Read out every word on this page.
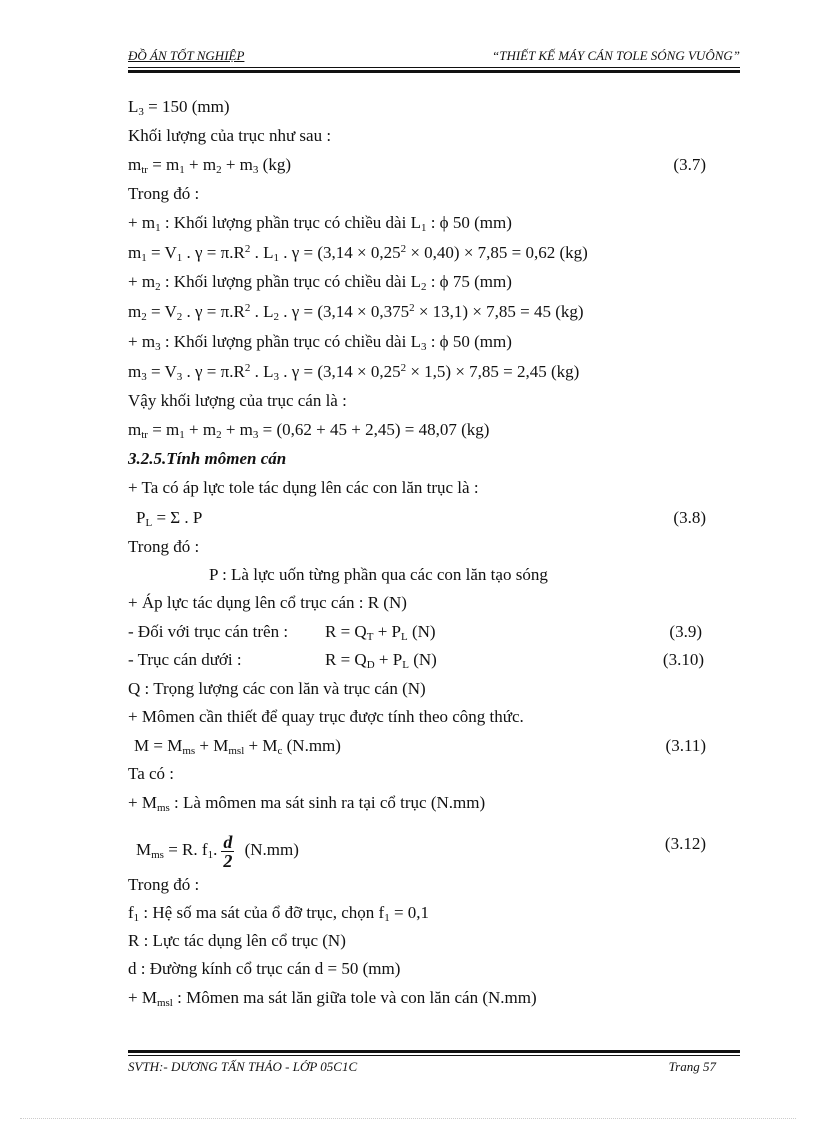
ĐỒ ÁN TỐT NGHIỆP	“THIẾT KẾ MÁY CÁN TOLE SÓNG VUÔNG”
$L_3 = 150$ (mm)
Khối lượng của trục như sau :
$m_{tr} = m_1 + m_2 + m_3$ (kg)	(3.7)
Trong đó :
+ $m_1$ : Khối lượng phần trục có chiều dài $L_1$ : ϕ 50 (mm)
$m_1 = V_1$ . $\gamma = \pi.R^2$ . $L_1$ . $\gamma = (3,14 \times 0,25^2 \times 0,40) \times 7,85 = 0,62$ (kg)
+ $m_2$ : Khối lượng phần trục có chiều dài $L_2$ : ϕ 75 (mm)
$m_2 = V_2$ . $\gamma = \pi.R^2$ . $L_2$ . $\gamma = (3,14 \times 0,375^2 \times 13,1) \times 7,85 = 45$ (kg)
+ $m_3$ : Khối lượng phần trục có chiều dài $L_3$ : ϕ 50 (mm)
$m_3 = V_3$ . $\gamma = \pi.R^2$ . $L_3$ . $\gamma = (3,14 \times 0,25^2 \times 1,5) \times 7,85 = 2,45$ (kg)
Vậy khối lượng của trục cán là :
$m_{tr} = m_1 + m_2 + m_3 = (0,62 + 45 + 2,45) = 48,07$ (kg)
3.2.5.Tính mômen cán
+ Ta có áp lực tole tác dụng lên các con lăn trục là :
$P_L = \Sigma$ . P	(3.8)
Trong đó :
P : Là lực uốn từng phần qua các con lăn tạo sóng
+ Áp lực tác dụng lên cổ trục cán : R (N)
- Đối với trục cán trên : $R = Q_T + P_L$ (N)	(3.9)
- Trục cán dưới :	$R = Q_D + P_L$ (N)	(3.10)
Q : Trọng lượng các con lăn và trục cán (N)
+ Mômen cần thiết để quay trục được tính theo công thức.
$M = M_{ms} + M_{msl} + M_c$ (N.mm)	(3.11)
Ta có :
+ $M_{ms}$ : Là mômen ma sát sinh ra tại cổ trục (N.mm)
$M_{ms} = R$. $f_1$. $\frac{d}{2} (N.mm)$	(3.12)
Trong đó :
$f_1$ : Hệ số ma sát của ổ đỡ trục, chọn $f_1 = 0,1$
R : Lực tác dụng lên cổ trục (N)
d : Đường kính cổ trục cán d = 50 (mm)
+ $M_{msl}$ : Mômen ma sát lăn giữa tole và con lăn cán (N.mm)
SVTH:- DƯƠNG TẤN THẢO - LỚP 05C1C	Trang 57
